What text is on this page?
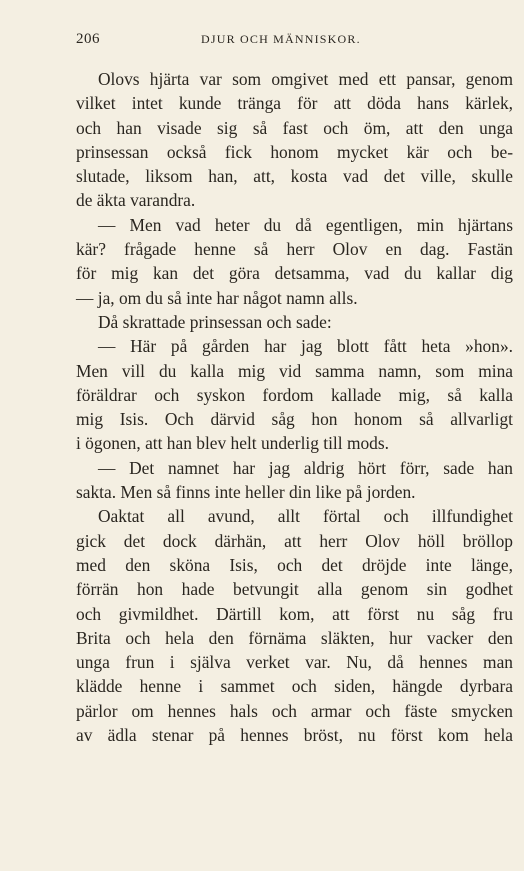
206	DJUR OCH MÄNNISKOR.
Olovs hjärta var som omgivet med ett pansar, genom
vilket intet kunde tränga för att döda hans kärlek,
och han visade sig så fast och öm, att den unga
prinsessan också fick honom mycket kär och be-
slutade, liksom han, att, kosta vad det ville, skulle
de äkta varandra.
— Men vad heter du då egentligen, min hjärtans
kär? frågade henne så herr Olov en dag. Fastän
för mig kan det göra detsamma, vad du kallar dig
— ja, om du så inte har något namn alls.
Då skrattade prinsessan och sade:
— Här på gården har jag blott fått heta »hon».
Men vill du kalla mig vid samma namn, som mina
föräldrar och syskon fordom kallade mig, så kalla
mig Isis. Och därvid såg hon honom så allvarligt
i ögonen, att han blev helt underlig till mods.
— Det namnet har jag aldrig hört förr, sade han
sakta. Men så finns inte heller din like på jorden.
Oaktat all avund, allt förtal och illfundighet
gick det dock därhän, att herr Olov höll bröllop
med den sköna Isis, och det dröjde inte länge,
förrän hon hade betvungit alla genom sin godhet
och givmildhet. Därtill kom, att först nu såg fru
Brita och hela den förnäma släkten, hur vacker den
unga frun i själva verket var. Nu, då hennes man
klädde henne i sammet och siden, hängde dyrbara
pärlor om hennes hals och armar och fäste smycken
av ädla stenar på hennes bröst, nu först kom hela
